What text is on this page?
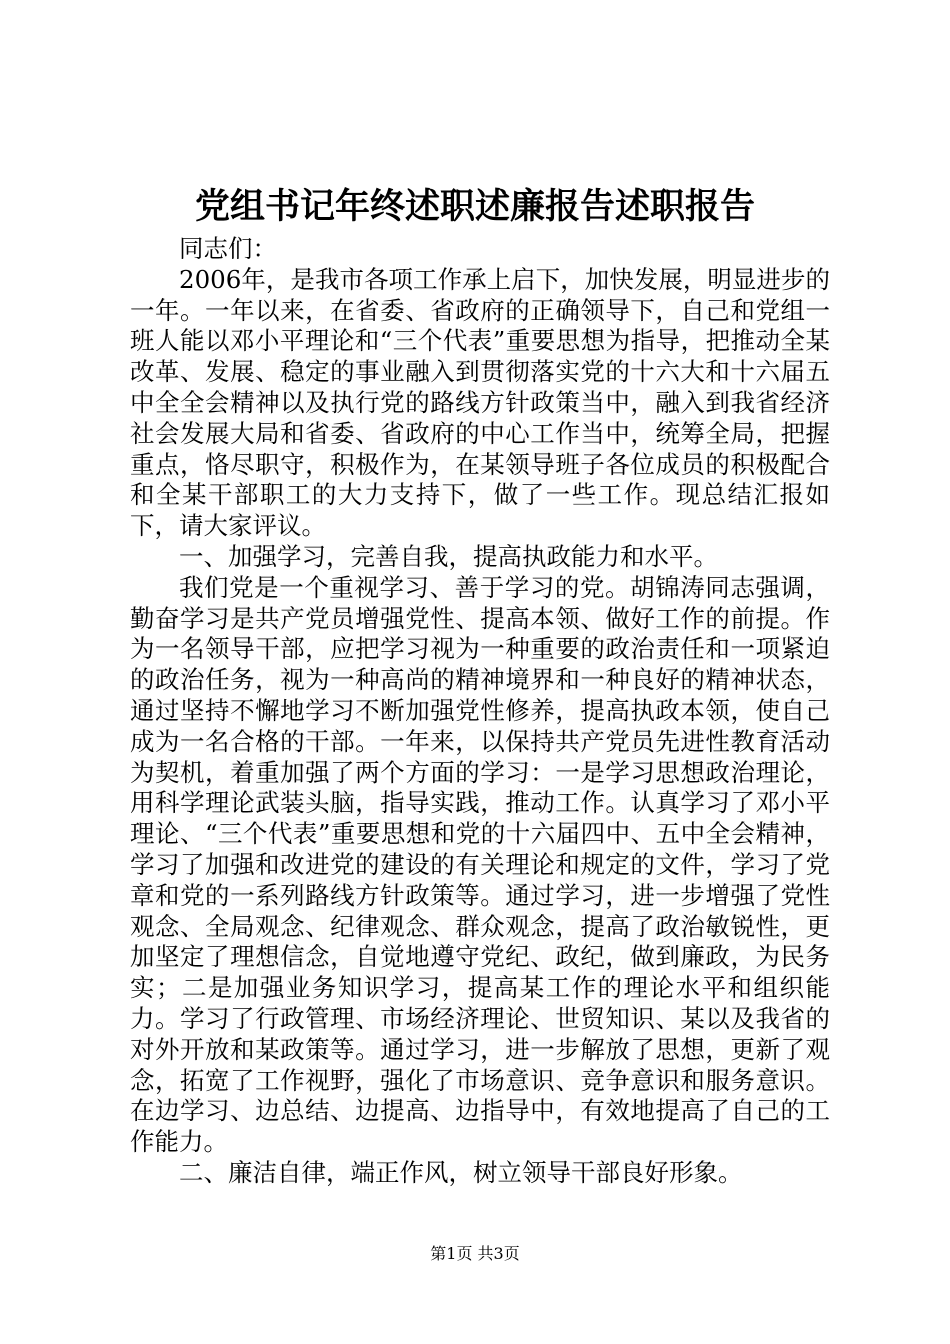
党组书记年终述职述廉报告述职报告

同志们：

2006年，是我市各项工作承上启下，加快发展，明显进步的一年。一年以来，在省委、省政府的正确领导下，自己和党组一班人能以邓小平理论和“三个代表”重要思想为指导，把推动全某改革、发展、稳定的事业融入到贯彻落实党的十六大和十六届五中全全会精神以及执行党的路线方针政策当中，融入到我省经济社会发展大局和省委、省政府的中心工作当中，统筹全局，把握重点，恪尽职守，积极作为，在某领导班子各位成员的积极配合和全某干部职工的大力支持下，做了一些工作。现总结汇报如下，请大家评议。

一、加强学习，完善自我，提高执政能力和水平。

我们党是一个重视学习、善于学习的党。胡锦涛同志强调，勤奋学习是共产党员增强党性、提高本领、做好工作的前提。作为一名领导干部，应把学习视为一种重要的政治责任和一项紧迫的政治任务，视为一种高尚的精神境界和一种良好的精神状态，通过坚持不懈地学习不断加强党性修养，提高执政本领，使自己成为一名合格的干部。一年来，以保持共产党员先进性教育活动为契机，着重加强了两个方面的学习：一是学习思想政治理论，用科学理论武装头脑，指导实践，推动工作。认真学习了邓小平理论、“三个代表”重要思想和党的十六届四中、五中全会精神，学习了加强和改进党的建设的有关理论和规定的文件，学习了党章和党的一系列路线方针政策等。通过学习，进一步增强了党性观念、全局观念、纪律观念、群众观念，提高了政治敏锐性，更加坚定了理想信念，自觉地遵守党纪、政纪，做到廉政，为民务实；二是加强业务知识学习，提高某工作的理论水平和组织能力。学习了行政管理、市场经济理论、世贸知识、某以及我省的对外开放和某政策等。通过学习，进一步解放了思想，更新了观念，拓宽了工作视野，强化了市场意识、竞争意识和服务意识。在边学习、边总结、边提高、边指导中，有效地提高了自己的工作能力。

二、廉洁自律，端正作风，树立领导干部良好形象。

第1页 共3页
